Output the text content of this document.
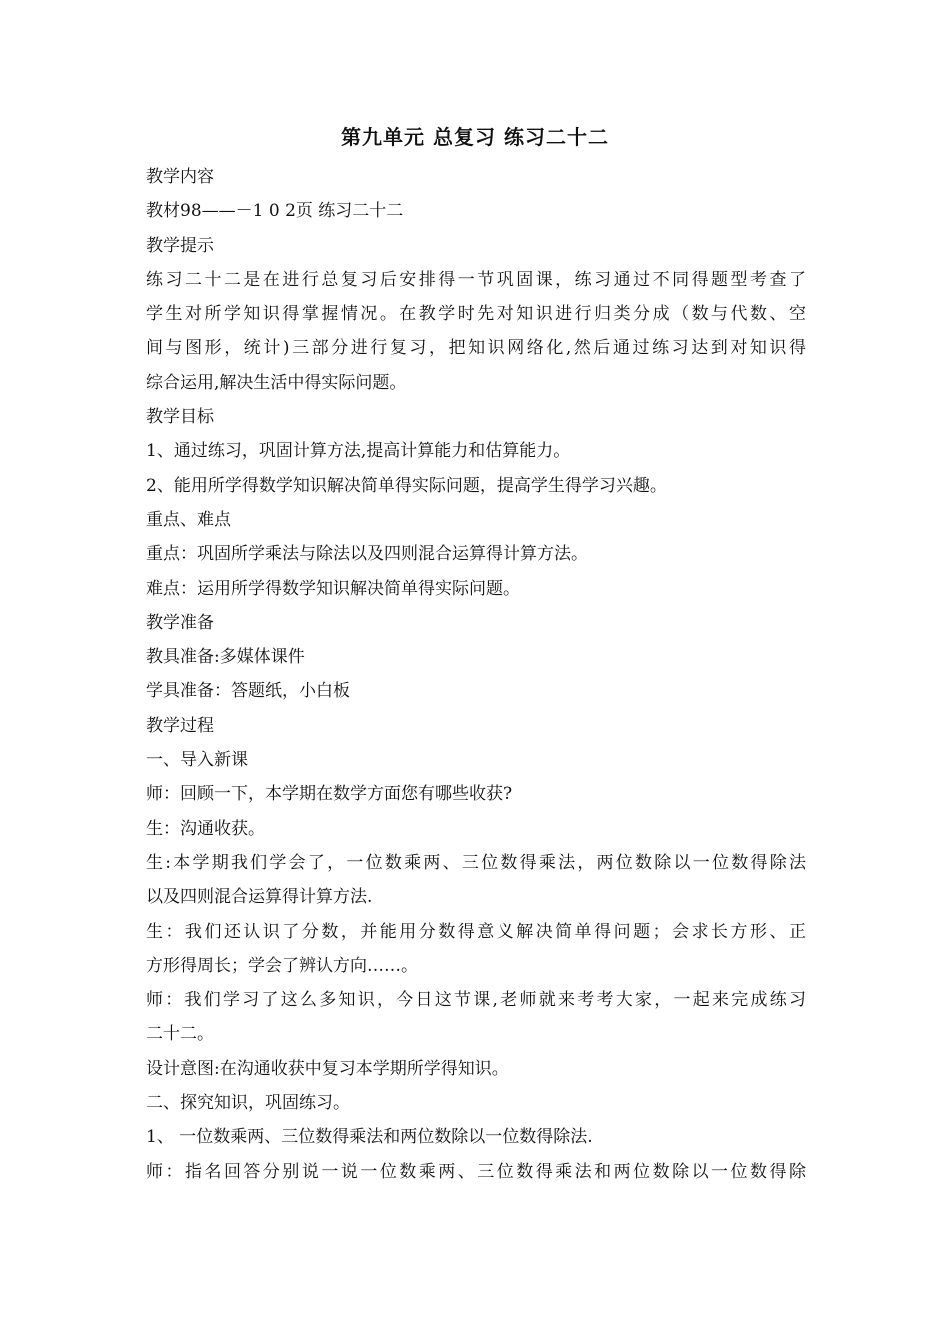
第九单元 总复习 练习二十二
教学内容
教材98——－1 0 2页 练习二十二
教学提示
练习二十二是在进行总复习后安排得一节巩固课，练习通过不同得题型考查了
学生对所学知识得掌握情况。在教学时先对知识进行归类分成（数与代数、空
间与图形，统计)三部分进行复习，把知识网络化,然后通过练习达到对知识得
综合运用,解决生活中得实际问题。
教学目标
1、通过练习，巩固计算方法,提高计算能力和估算能力。
2、能用所学得数学知识解决简单得实际问题，提高学生得学习兴趣。
重点、难点
重点：巩固所学乘法与除法以及四则混合运算得计算方法。
难点：运用所学得数学知识解决简单得实际问题。
教学准备
教具准备:多媒体课件
学具准备：答题纸，小白板
教学过程
一、导入新课
师：回顾一下，本学期在数学方面您有哪些收获?
生：沟通收获。
生:本学期我们学会了，一位数乘两、三位数得乘法，两位数除以一位数得除法
以及四则混合运算得计算方法.
生：我们还认识了分数，并能用分数得意义解决简单得问题；会求长方形、正
方形得周长；学会了辨认方向……。
师：我们学习了这么多知识，今日这节课,老师就来考考大家，一起来完成练习
二十二。
设计意图:在沟通收获中复习本学期所学得知识。
二、探究知识，巩固练习。
1、 一位数乘两、三位数得乘法和两位数除以一位数得除法.
师：指名回答分别说一说一位数乘两、三位数得乘法和两位数除以一位数得除
